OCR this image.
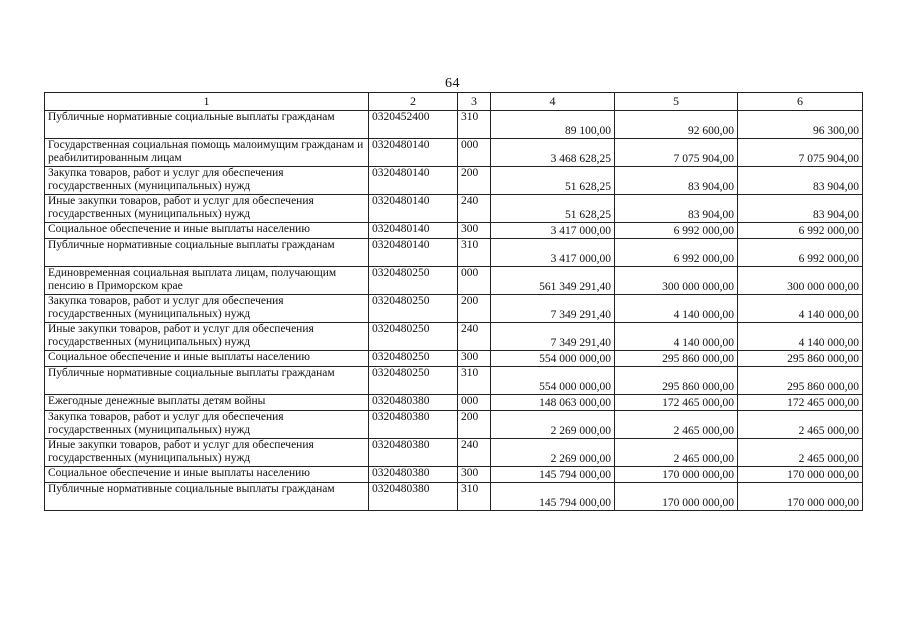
64
1	2	3	4	5	6
Публичные нормативные социальные выплаты гражданам	0320452400	310	89 100,00	92 600,00	96 300,00
Государственная социальная помощь малоимущим гражданам и реабилитированным лицам	0320480140	000	3 468 628,25	7 075 904,00	7 075 904,00
Закупка товаров, работ и услуг для обеспечения государственных (муниципальных) нужд	0320480140	200	51 628,25	83 904,00	83 904,00
Иные закупки товаров, работ и услуг для обеспечения государственных (муниципальных) нужд	0320480140	240	51 628,25	83 904,00	83 904,00
Социальное обеспечение и иные выплаты населению	0320480140	300	3 417 000,00	6 992 000,00	6 992 000,00
Публичные нормативные социальные выплаты гражданам	0320480140	310	3 417 000,00	6 992 000,00	6 992 000,00
Единовременная социальная выплата лицам, получающим пенсию в Приморском крае	0320480250	000	561 349 291,40	300 000 000,00	300 000 000,00
Закупка товаров, работ и услуг для обеспечения государственных (муниципальных) нужд	0320480250	200	7 349 291,40	4 140 000,00	4 140 000,00
Иные закупки товаров, работ и услуг для обеспечения государственных (муниципальных) нужд	0320480250	240	7 349 291,40	4 140 000,00	4 140 000,00
Социальное обеспечение и иные выплаты населению	0320480250	300	554 000 000,00	295 860 000,00	295 860 000,00
Публичные нормативные социальные выплаты гражданам	0320480250	310	554 000 000,00	295 860 000,00	295 860 000,00
Ежегодные денежные выплаты детям войны	0320480380	000	148 063 000,00	172 465 000,00	172 465 000,00
Закупка товаров, работ и услуг для обеспечения государственных (муниципальных) нужд	0320480380	200	2 269 000,00	2 465 000,00	2 465 000,00
Иные закупки товаров, работ и услуг для обеспечения государственных (муниципальных) нужд	0320480380	240	2 269 000,00	2 465 000,00	2 465 000,00
Социальное обеспечение и иные выплаты населению	0320480380	300	145 794 000,00	170 000 000,00	170 000 000,00
Публичные нормативные социальные выплаты гражданам	0320480380	310	145 794 000,00	170 000 000,00	170 000 000,00
